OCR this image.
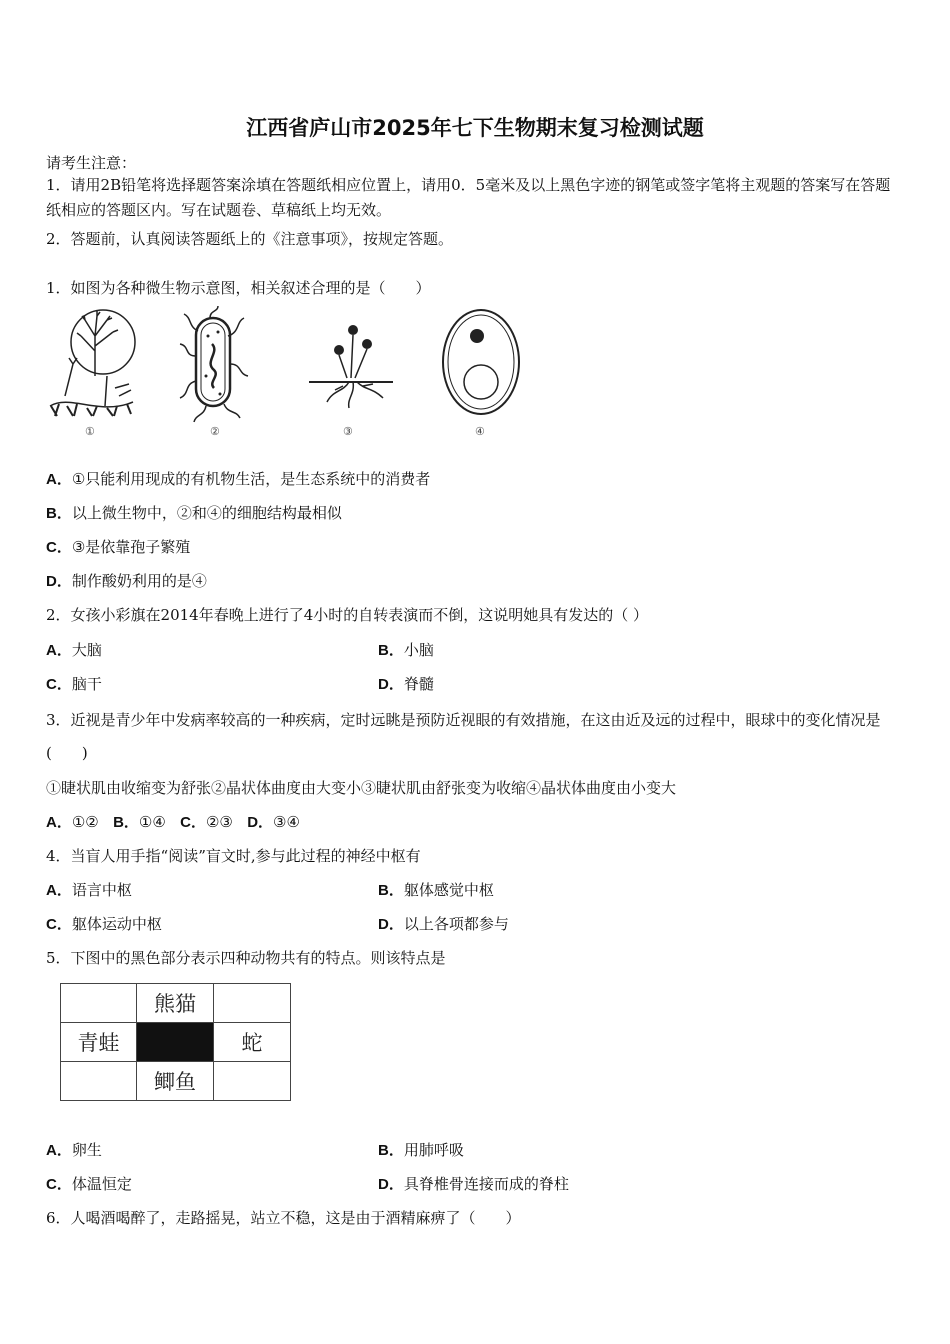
江西省庐山市2025年七下生物期末复习检测试题
请考生注意：
1．请用2B铅笔将选择题答案涂填在答题纸相应位置上，请用0．5毫米及以上黑色字迹的钢笔或签字笔将主观题的答案写在答题纸相应的答题区内。写在试题卷、草稿纸上均无效。
2．答题前，认真阅读答题纸上的《注意事项》，按规定答题。
1．如图为各种微生物示意图，相关叙述合理的是（　　）
①	②	③	④
A．①只能利用现成的有机物生活，是生态系统中的消费者
B．以上微生物中，②和④的细胞结构最相似
C．③是依靠孢子繁殖
D．制作酸奶利用的是④
2．女孩小彩旗在2014年春晚上进行了4小时的自转表演而不倒，这说明她具有发达的（ ）
A．大脑	B．小脑
C．脑干	D．脊髓
3．近视是青少年中发病率较高的一种疾病，定时远眺是预防近视眼的有效措施，在这由近及远的过程中，眼球中的变化情况是(　　)
①睫状肌由收缩变为舒张②晶状体曲度由大变小③睫状肌由舒张变为收缩④晶状体曲度由小变大
A．①② B．①④ C．②③ D．③④
4．当盲人用手指“阅读”盲文时,参与此过程的神经中枢有
A．语言中枢	B．躯体感觉中枢
C．躯体运动中枢	D．以上各项都参与
5．下图中的黑色部分表示四种动物共有的特点。则该特点是
熊猫
青蛙	蛇
鲫鱼
A．卵生	B．用肺呼吸
C．体温恒定	D．具脊椎骨连接而成的脊柱
6．人喝酒喝醉了，走路摇晃，站立不稳，这是由于酒精麻痹了（　　）
